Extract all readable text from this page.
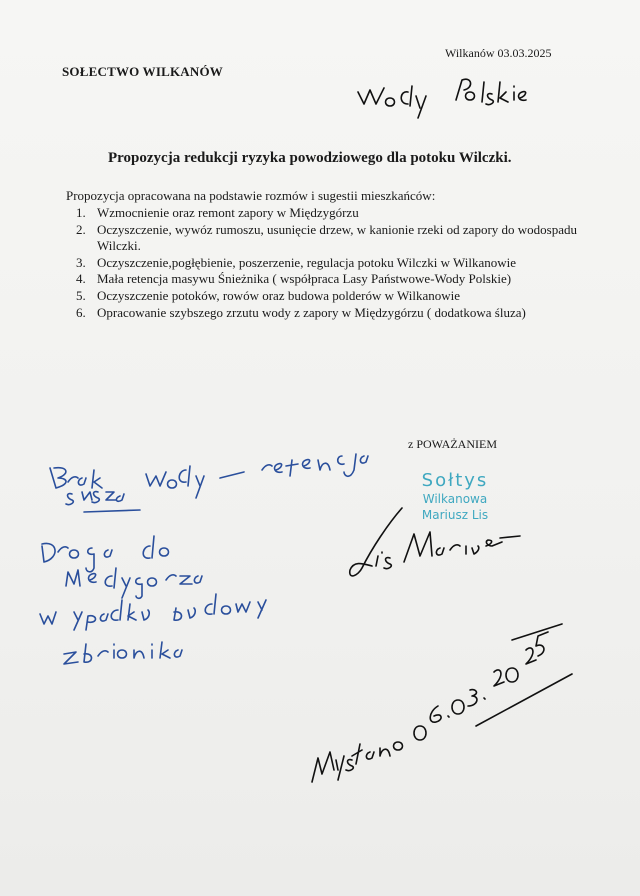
SOŁECTWO WILKANÓW
Wilkanów 03.03.2025
Propozycja redukcji ryzyka powodziowego dla potoku Wilczki.
Propozycja opracowana na podstawie rozmów i sugestii mieszkańców:
1. Wzmocnienie oraz remont zapory w Międzygórzu
2. Oczyszczenie, wywóz rumoszu, usunięcie drzew, w kanionie rzeki od zapory do wodospadu Wilczki.
3. Oczyszczenie,pogłębienie, poszerzenie, regulacja potoku Wilczki w Wilkanowie
4. Mała retencja masywu Śnieżnika ( współpraca Lasy Państwowe-Wody Polskie)
5. Oczyszczenie potoków, rowów oraz budowa polderów w Wilkanowie
6. Opracowanie szybszego zrzutu wody z zapory w Międzygórzu ( dodatkowa śluza)
z POWAŻANIEM
Sołtys
Wilkanowa
Mariusz Lis
